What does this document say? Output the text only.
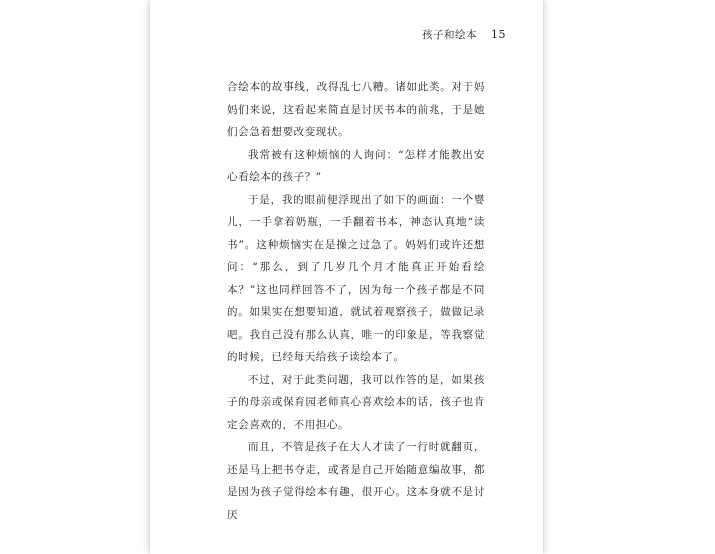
孩子和绘本 15

合绘本的故事线，改得乱七八糟。诸如此类。对于妈妈们来说，这看起来简直是讨厌书本的前兆，于是她们会急着想要改变现状。

我常被有这种烦恼的人询问：“怎样才能教出安心看绘本的孩子？”

于是，我的眼前便浮现出了如下的画面：一个婴儿，一手拿着奶瓶，一手翻着书本，神态认真地“读书”。这种烦恼实在是操之过急了。妈妈们或许还想问：“那么，到了几岁几个月才能真正开始看绘本？”这也同样回答不了，因为每一个孩子都是不同的。如果实在想要知道，就试着观察孩子，做做记录吧。我自己没有那么认真，唯一的印象是，等我察觉的时候，已经每天给孩子读绘本了。

不过，对于此类问题，我可以作答的是，如果孩子的母亲或保育园老师真心喜欢绘本的话，孩子也肯定会喜欢的，不用担心。

而且，不管是孩子在大人才读了一行时就翻页，还是马上把书夺走，或者是自己开始随意编故事，都是因为孩子觉得绘本有趣，很开心。这本身就不是讨厌
